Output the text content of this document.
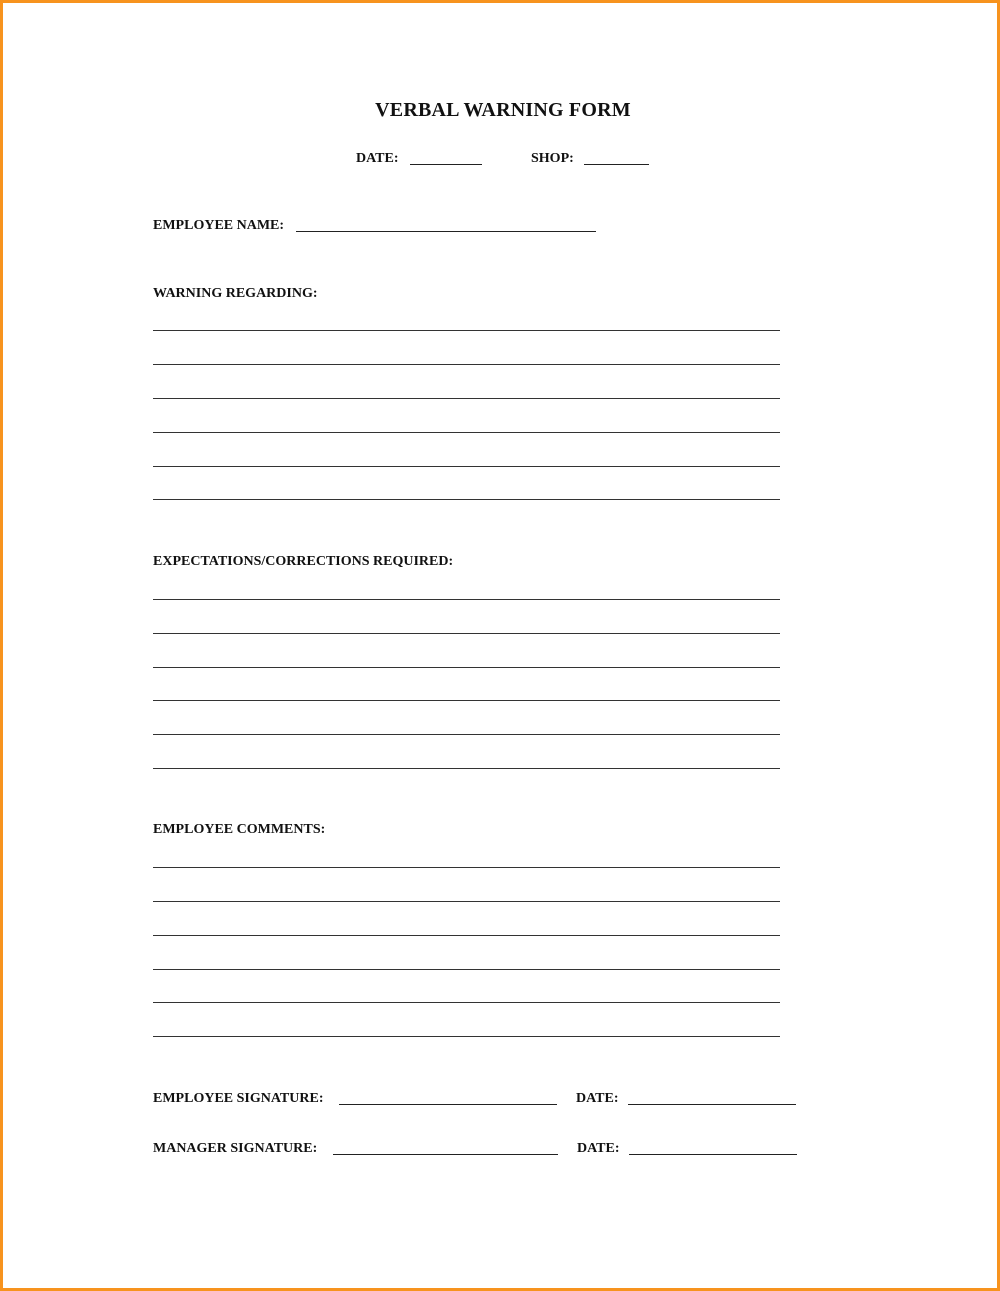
VERBAL WARNING FORM
DATE:	SHOP:
EMPLOYEE NAME:
WARNING REGARDING:
EXPECTATIONS/CORRECTIONS REQUIRED:
EMPLOYEE COMMENTS:
EMPLOYEE SIGNATURE:	DATE:
MANAGER SIGNATURE:	DATE:
